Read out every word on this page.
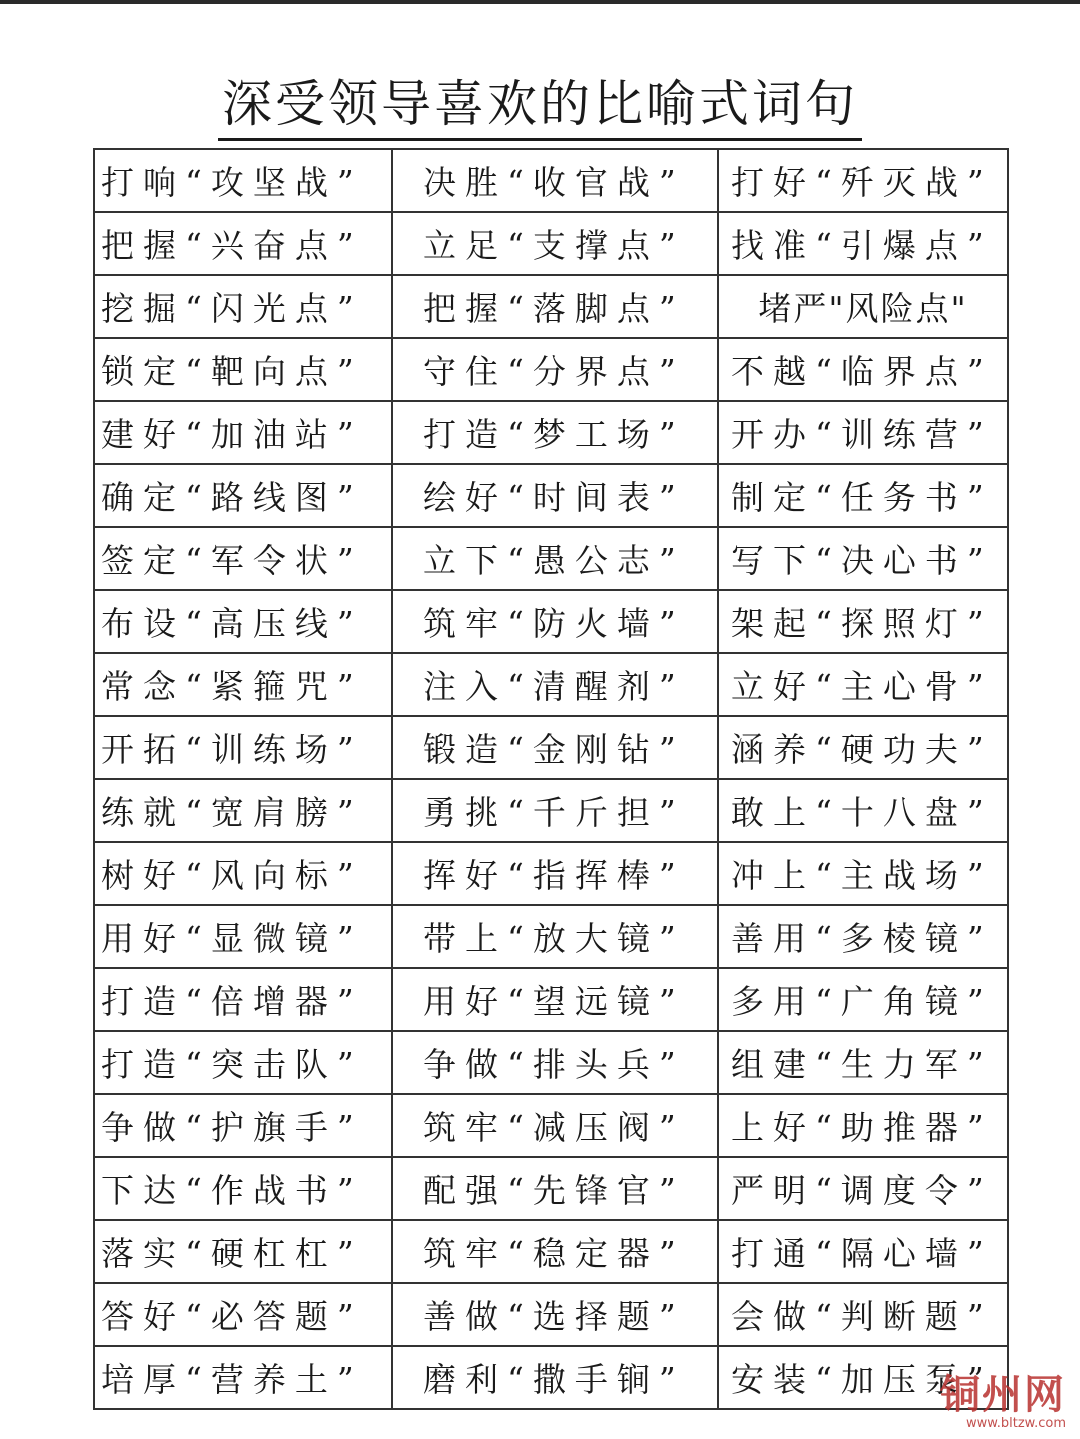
深受领导喜欢的比喻式词句
打响“攻坚战”	决胜“收官战”	打好“歼灭战”
把握“兴奋点”	立足“支撑点”	找准“引爆点”
挖掘“闪光点”	把握“落脚点”	堵严"风险点"
锁定“靶向点”	守住“分界点”	不越“临界点”
建好“加油站”	打造“梦工场”	开办“训练营”
确定“路线图”	绘好“时间表”	制定“任务书”
签定“军令状”	立下“愚公志”	写下“决心书”
布设“高压线”	筑牢“防火墙”	架起“探照灯”
常念“紧箍咒”	注入“清醒剂”	立好“主心骨”
开拓“训练场”	锻造“金刚钻”	涵养“硬功夫”
练就“宽肩膀”	勇挑“千斤担”	敢上“十八盘”
树好“风向标”	挥好“指挥棒”	冲上“主战场”
用好“显微镜”	带上“放大镜”	善用“多棱镜”
打造“倍增器”	用好“望远镜”	多用“广角镜”
打造“突击队”	争做“排头兵”	组建“生力军”
争做“护旗手”	筑牢“减压阀”	上好“助推器”
下达“作战书”	配强“先锋官”	严明“调度令”
落实“硬杠杠”	筑牢“稳定器”	打通“隔心墙”
答好“必答题”	善做“选择题”	会做“判断题”
培厚“营养土”	磨利“撒手锏”	安装“加压泵”
铜州网
www.bltzw.com
